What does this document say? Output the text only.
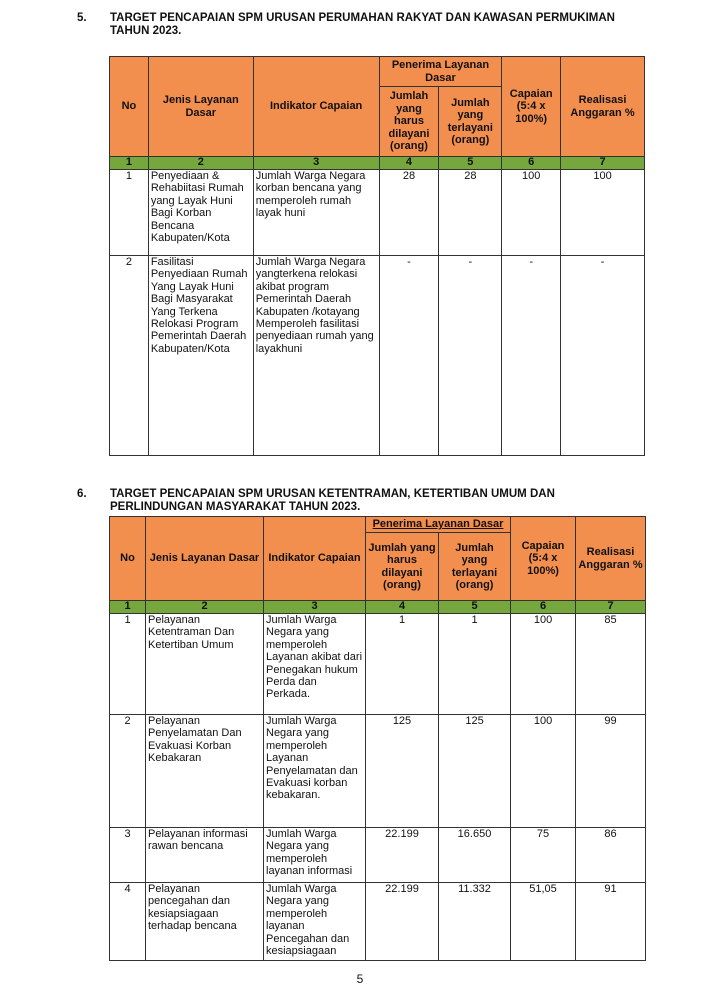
5. TARGET PENCAPAIAN SPM URUSAN PERUMAHAN RAKYAT DAN KAWASAN PERMUKIMAN
TAHUN 2023.
No	Jenis Layanan Dasar	Indikator Capaian	Penerima Layanan Dasar		Capaian (5:4 x 100%)	Realisasi Anggaran %
			Jumlah yang harus dilayani (orang)	Jumlah yang terlayani (orang)		
1	2	3	4	5	6	7
1	Penyediaan & Rehabiitasi Rumah yang Layak Huni Bagi Korban Bencana Kabupaten/Kota	Jumlah Warga Negara korban bencana yang memperoleh rumah layak huni	28	28	100	100
2	Fasilitasi Penyediaan Rumah Yang Layak Huni Bagi Masyarakat Yang Terkena Relokasi Program Pemerintah Daerah Kabupaten/Kota	Jumlah Warga Negara yangterkena relokasi akibat program Pemerintah Daerah Kabupaten /kotayang Memperoleh fasilitasi penyediaan rumah yang layakhuni	-	-	-	-
6. TARGET PENCAPAIAN SPM URUSAN KETENTRAMAN, KETERTIBAN UMUM DAN
PERLINDUNGAN MASYARAKAT TAHUN 2023.
No	Jenis Layanan Dasar	Indikator Capaian	Penerima Layanan Dasar		Capaian (5:4 x 100%)	Realisasi Anggaran %
			Jumlah yang harus dilayani (orang)	Jumlah yang terlayani (orang)		
1	2	3	4	5	6	7
1	Pelayanan Ketentraman Dan Ketertiban Umum	Jumlah Warga Negara yang memperoleh Layanan akibat dari Penegakan hukum Perda dan Perkada.	1	1	100	85
2	Pelayanan Penyelamatan Dan Evakuasi Korban Kebakaran	Jumlah Warga Negara yang memperoleh Layanan Penyelamatan dan Evakuasi korban kebakaran.	125	125	100	99
3	Pelayanan informasi rawan bencana	Jumlah Warga Negara yang memperoleh layanan informasi	22.199	16.650	75	86
4	Pelayanan pencegahan dan kesiapsiagaan terhadap bencana	Jumlah Warga Negara yang memperoleh layanan Pencegahan dan kesiapsiagaan	22.199	11.332	51,05	91
5
